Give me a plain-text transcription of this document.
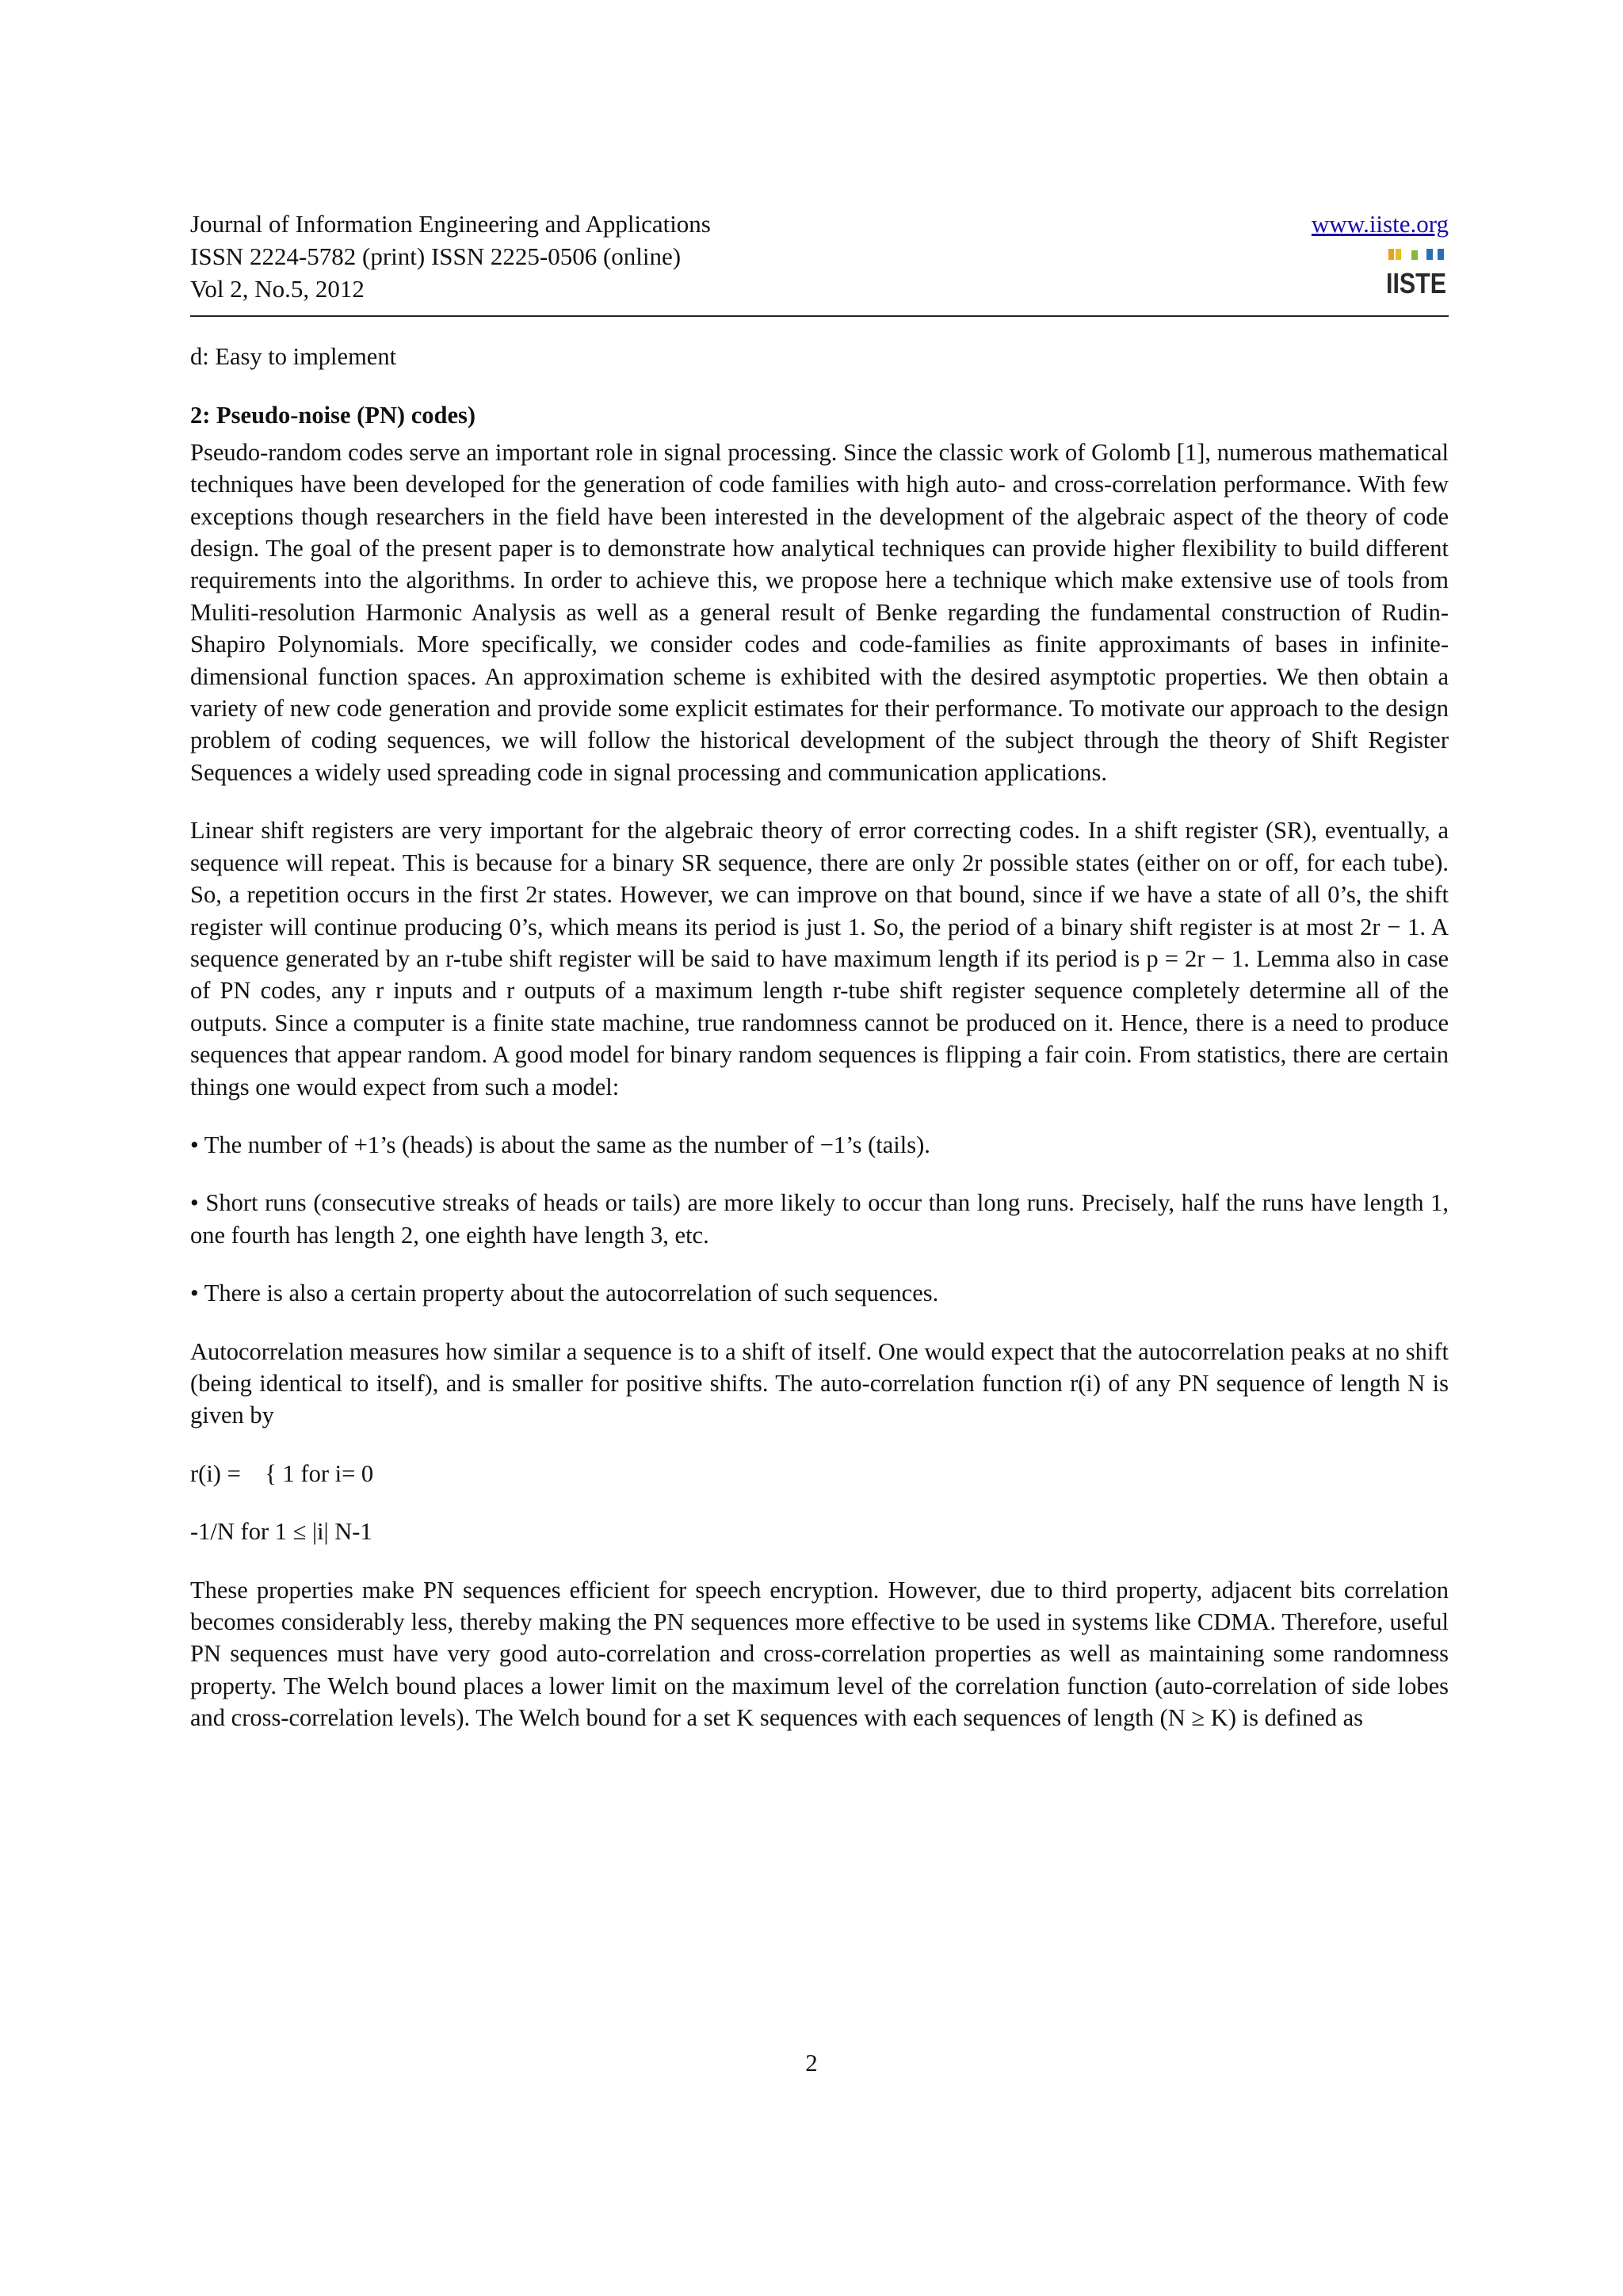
Journal of Information Engineering and Applications
ISSN 2224-5782 (print) ISSN 2225-0506 (online)
Vol 2, No.5, 2012
www.iiste.org
IISTE

d: Easy to implement

2: Pseudo-noise (PN) codes)

Pseudo-random codes serve an important role in signal processing. Since the classic work of Golomb [1], numerous mathematical techniques have been developed for the generation of code families with high auto- and cross-correlation performance. With few exceptions though researchers in the field have been interested in the development of the algebraic aspect of the theory of code design. The goal of the present paper is to demonstrate how analytical techniques can provide higher flexibility to build different requirements into the algorithms. In order to achieve this, we propose here a technique which make extensive use of tools from Muliti-resolution Harmonic Analysis as well as a general result of Benke regarding the fundamental construction of Rudin-Shapiro Polynomials. More specifically, we consider codes and code-families as finite approximants of bases in infinite-dimensional function spaces. An approximation scheme is exhibited with the desired asymptotic properties. We then obtain a variety of new code generation and provide some explicit estimates for their performance. To motivate our approach to the design problem of coding sequences, we will follow the historical development of the subject through the theory of Shift Register Sequences a widely used spreading code in signal processing and communication applications.

Linear shift registers are very important for the algebraic theory of error correcting codes. In a shift register (SR), eventually, a sequence will repeat. This is because for a binary SR sequence, there are only 2r possible states (either on or off, for each tube). So, a repetition occurs in the first 2r states. However, we can improve on that bound, since if we have a state of all 0’s, the shift register will continue producing 0’s, which means its period is just 1. So, the period of a binary shift register is at most 2r − 1. A sequence generated by an r-tube shift register will be said to have maximum length if its period is p = 2r − 1. Lemma also in case of PN codes, any r inputs and r outputs of a maximum length r-tube shift register sequence completely determine all of the outputs. Since a computer is a finite state machine, true randomness cannot be produced on it. Hence, there is a need to produce sequences that appear random. A good model for binary random sequences is flipping a fair coin. From statistics, there are certain things one would expect from such a model:

• The number of +1’s (heads) is about the same as the number of −1’s (tails).

• Short runs (consecutive streaks of heads or tails) are more likely to occur than long runs. Precisely, half the runs have length 1, one fourth has length 2, one eighth have length 3, etc.

• There is also a certain property about the autocorrelation of such sequences.

Autocorrelation measures how similar a sequence is to a shift of itself. One would expect that the autocorrelation peaks at no shift (being identical to itself), and is smaller for positive shifts. The auto-correlation function r(i) of any PN sequence of length N is given by

r(i) =    { 1 for i= 0

-1/N for 1 ≤ |i| N-1

These properties make PN sequences efficient for speech encryption. However, due to third property, adjacent bits correlation becomes considerably less, thereby making the PN sequences more effective to be used in systems like CDMA. Therefore, useful PN sequences must have very good auto-correlation and cross-correlation properties as well as maintaining some randomness property. The Welch bound places a lower limit on the maximum level of the correlation function (auto-correlation of side lobes and cross-correlation levels). The Welch bound for a set K sequences with each sequences of length (N ≥ K) is defined as

2
